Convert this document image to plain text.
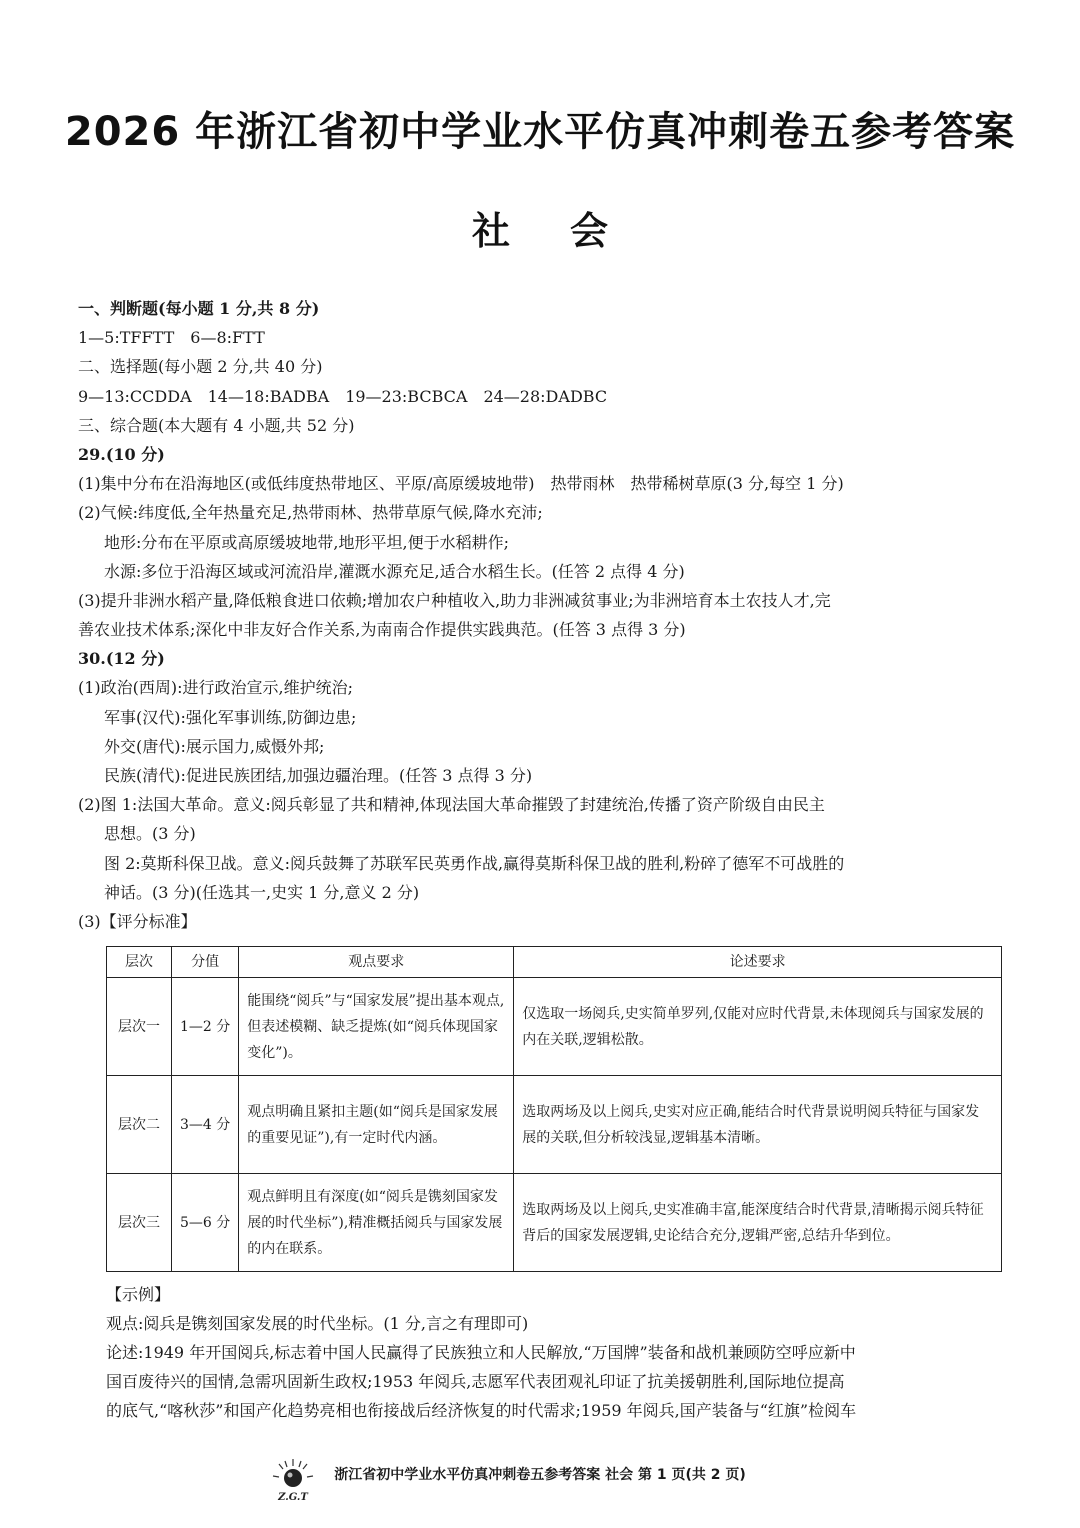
2026 年浙江省初中学业水平仿真冲刺卷五参考答案
社会
一、判断题(每小题 1 分,共 8 分)
1—5:TFFTT　6—8:FTT
二、选择题(每小题 2 分,共 40 分)
9—13:CCDDA　14—18:BADBA　19—23:BCBCA　24—28:DADBC
三、综合题(本大题有 4 小题,共 52 分)
29.(10 分)
(1)集中分布在沿海地区(或低纬度热带地区、平原/高原缓坡地带)　热带雨林　热带稀树草原(3 分,每空 1 分)
(2)气候:纬度低,全年热量充足,热带雨林、热带草原气候,降水充沛;
地形:分布在平原或高原缓坡地带,地形平坦,便于水稻耕作;
水源:多位于沿海区域或河流沿岸,灌溉水源充足,适合水稻生长。(任答 2 点得 4 分)
(3)提升非洲水稻产量,降低粮食进口依赖;增加农户种植收入,助力非洲减贫事业;为非洲培育本土农技人才,完
善农业技术体系;深化中非友好合作关系,为南南合作提供实践典范。(任答 3 点得 3 分)
30.(12 分)
(1)政治(西周):进行政治宣示,维护统治;
军事(汉代):强化军事训练,防御边患;
外交(唐代):展示国力,威慑外邦;
民族(清代):促进民族团结,加强边疆治理。(任答 3 点得 3 分)
(2)图 1:法国大革命。意义:阅兵彰显了共和精神,体现法国大革命摧毁了封建统治,传播了资产阶级自由民主
思想。(3 分)
图 2:莫斯科保卫战。意义:阅兵鼓舞了苏联军民英勇作战,赢得莫斯科保卫战的胜利,粉碎了德军不可战胜的
神话。(3 分)(任选其一,史实 1 分,意义 2 分)
(3)【评分标准】
层次	分值	观点要求	论述要求
层次一	1—2 分	能围绕“阅兵”与“国家发展”提出基本观点,但表述模糊、缺乏提炼(如“阅兵体现国家变化”)。	仅选取一场阅兵,史实简单罗列,仅能对应时代背景,未体现阅兵与国家发展的内在关联,逻辑松散。
层次二	3—4 分	观点明确且紧扣主题(如“阅兵是国家发展的重要见证”),有一定时代内涵。	选取两场及以上阅兵,史实对应正确,能结合时代背景说明阅兵特征与国家发展的关联,但分析较浅显,逻辑基本清晰。
层次三	5—6 分	观点鲜明且有深度(如“阅兵是镌刻国家发展的时代坐标”),精准概括阅兵与国家发展的内在联系。	选取两场及以上阅兵,史实准确丰富,能深度结合时代背景,清晰揭示阅兵特征背后的国家发展逻辑,史论结合充分,逻辑严密,总结升华到位。
【示例】
观点:阅兵是镌刻国家发展的时代坐标。(1 分,言之有理即可)
论述:1949 年开国阅兵,标志着中国人民赢得了民族独立和人民解放,“万国牌”装备和战机兼顾防空呼应新中
国百废待兴的国情,急需巩固新生政权;1953 年阅兵,志愿军代表团观礼印证了抗美援朝胜利,国际地位提高
的底气,“喀秋莎”和国产化趋势亮相也衔接战后经济恢复的时代需求;1959 年阅兵,国产装备与“红旗”检阅车
Z.G.T
浙江省初中学业水平仿真冲刺卷五参考答案 社会 第 1 页(共 2 页)
